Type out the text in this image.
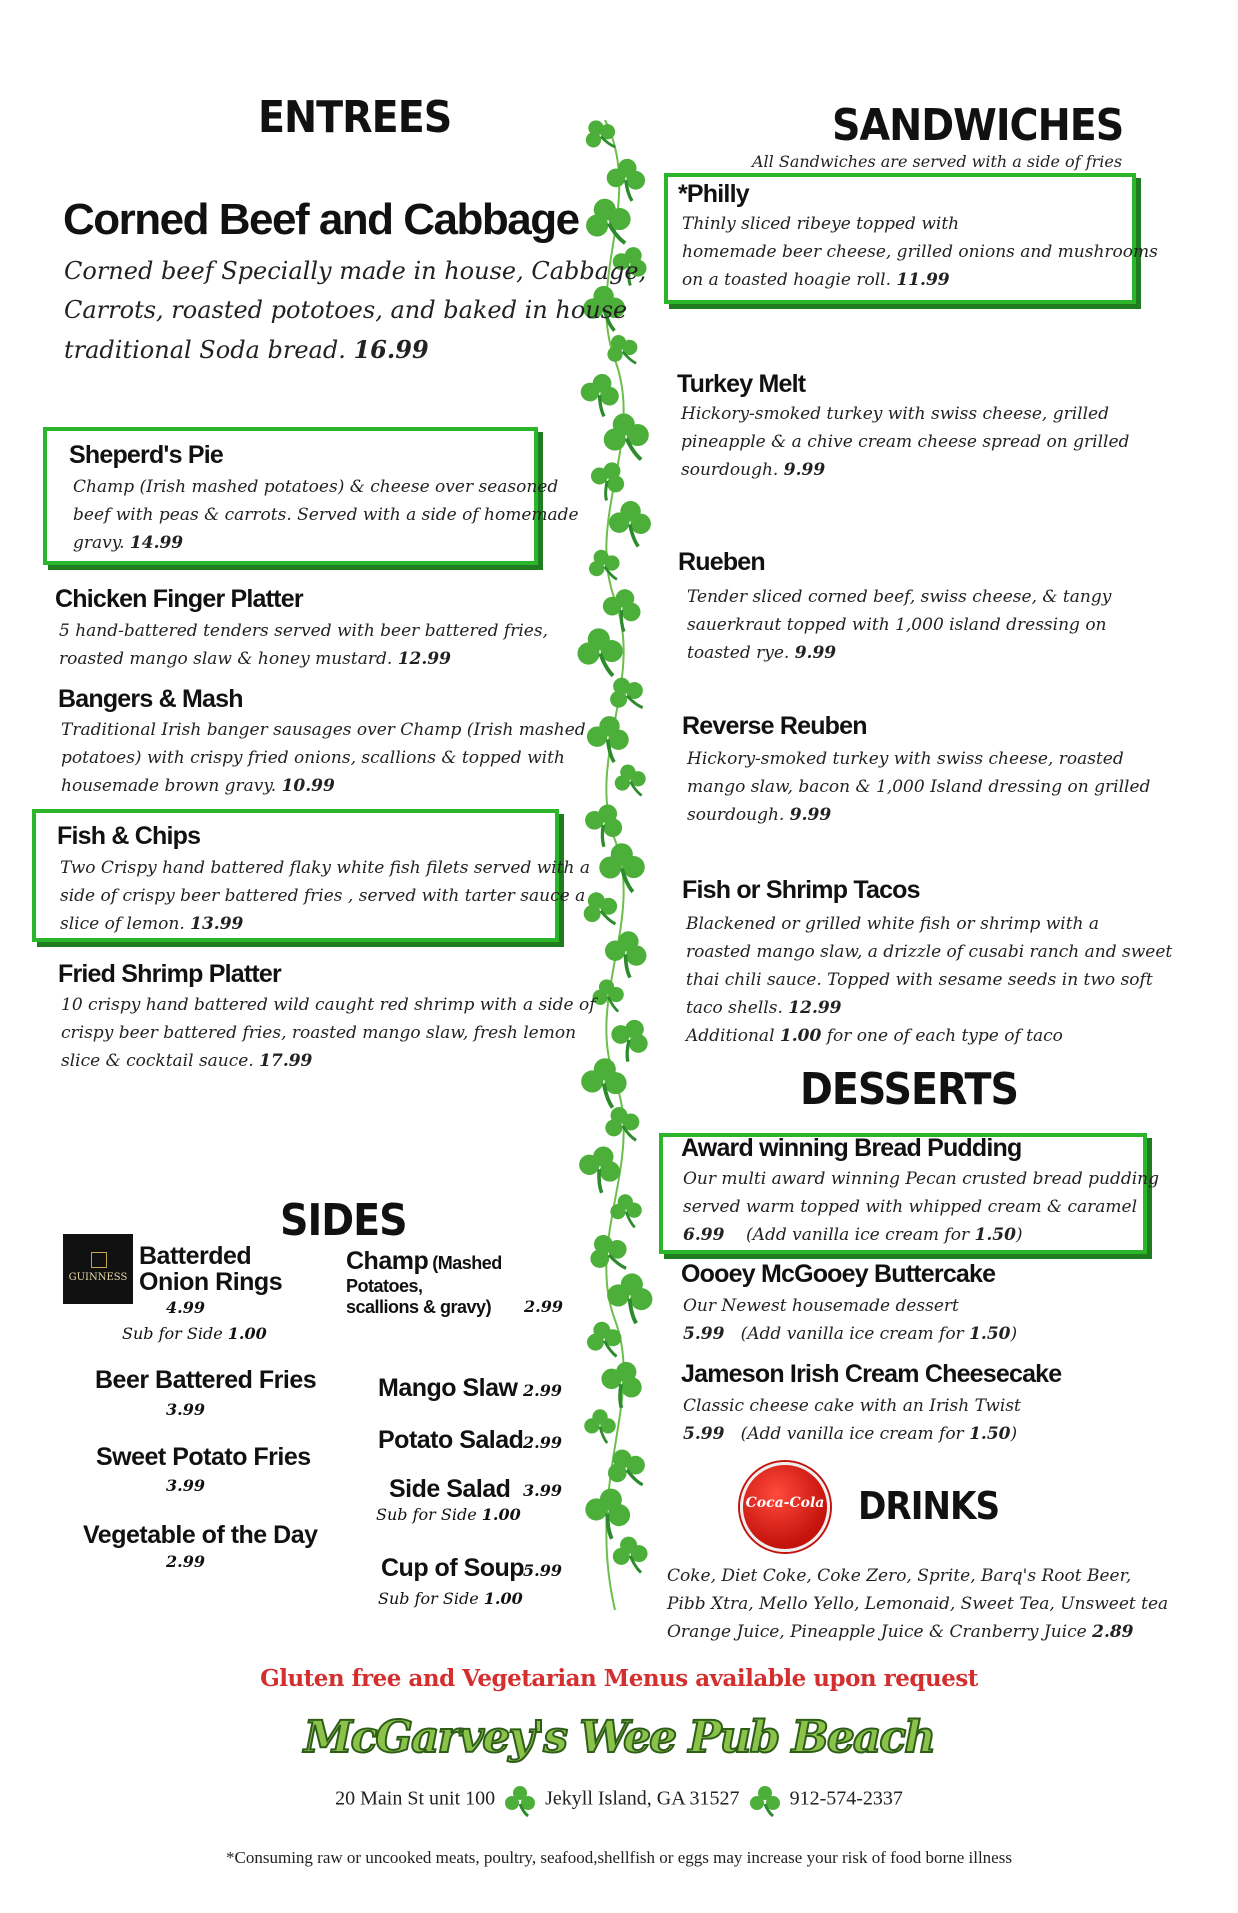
ENTREES
Corned Beef and Cabbage
Corned beef Specially made in house, Cabbage,
Carrots, roasted pototoes, and baked in house
traditional Soda bread. 16.99
Sheperd's Pie
Champ (Irish mashed potatoes) & cheese over seasoned
beef with peas & carrots. Served with a side of homemade
gravy. 14.99
Chicken Finger Platter
5 hand-battered tenders served with beer battered fries,
roasted mango slaw & honey mustard. 12.99
Bangers & Mash
Traditional Irish banger sausages over Champ (Irish mashed
potatoes) with crispy fried onions, scallions & topped with
housemade brown gravy. 10.99
Fish & Chips
Two Crispy hand battered flaky white fish filets served with a
side of crispy beer battered fries , served with tarter sauce a
slice of lemon. 13.99
Fried Shrimp Platter
10 crispy hand battered wild caught red shrimp with a side of
crispy beer battered fries, roasted mango slaw, fresh lemon
slice & cocktail sauce. 17.99
SIDES
GUINNESS
Batterded
Onion Rings
4.99
Sub for Side 1.00
Beer Battered Fries
3.99
Sweet Potato Fries
3.99
Vegetable of the Day
2.99
Champ (Mashed Potatoes,
scallions & gravy) 2.99
Mango Slaw 2.99
Potato Salad 2.99
Side Salad 3.99
Sub for Side 1.00
Cup of Soup
5.99
Sub for Side 1.00
SANDWICHES
All Sandwiches are served with a side of fries
*Philly
Thinly sliced ribeye topped with
homemade beer cheese, grilled onions and mushrooms
on a toasted hoagie roll. 11.99
Turkey Melt
Hickory-smoked turkey with swiss cheese, grilled
pineapple & a chive cream cheese spread on grilled
sourdough. 9.99
Rueben
Tender sliced corned beef, swiss cheese, & tangy
sauerkraut topped with 1,000 island dressing on
toasted rye. 9.99
Reverse Reuben
Hickory-smoked turkey with swiss cheese, roasted
mango slaw, bacon & 1,000 Island dressing on grilled
sourdough. 9.99
Fish or Shrimp Tacos
Blackened or grilled white fish or shrimp with a
roasted mango slaw, a drizzle of cusabi ranch and sweet
thai chili sauce. Topped with sesame seeds in two soft
taco shells. 12.99
Additional 1.00 for one of each type of taco
DESSERTS
Award winning Bread Pudding
Our multi award winning Pecan crusted bread pudding
served warm topped with whipped cream & caramel
6.99 (Add vanilla ice cream for 1.50)
Oooey McGooey Buttercake
Our Newest housemade dessert
5.99 (Add vanilla ice cream for 1.50)
Jameson Irish Cream Cheesecake
Classic cheese cake with an Irish Twist
5.99 (Add vanilla ice cream for 1.50)
Coca-Cola DRINKS
Coke, Diet Coke, Coke Zero, Sprite, Barq's Root Beer,
Pibb Xtra, Mello Yello, Lemonaid, Sweet Tea, Unsweet tea
Orange Juice, Pineapple Juice & Cranberry Juice 2.89
Gluten free and Vegetarian Menus available upon request
McGarvey's Wee Pub Beach
20 Main St unit 100	Jekyll Island, GA 31527	912-574-2337
*Consuming raw or uncooked meats, poultry, seafood,shellfish or eggs may increase your risk of food borne illness
